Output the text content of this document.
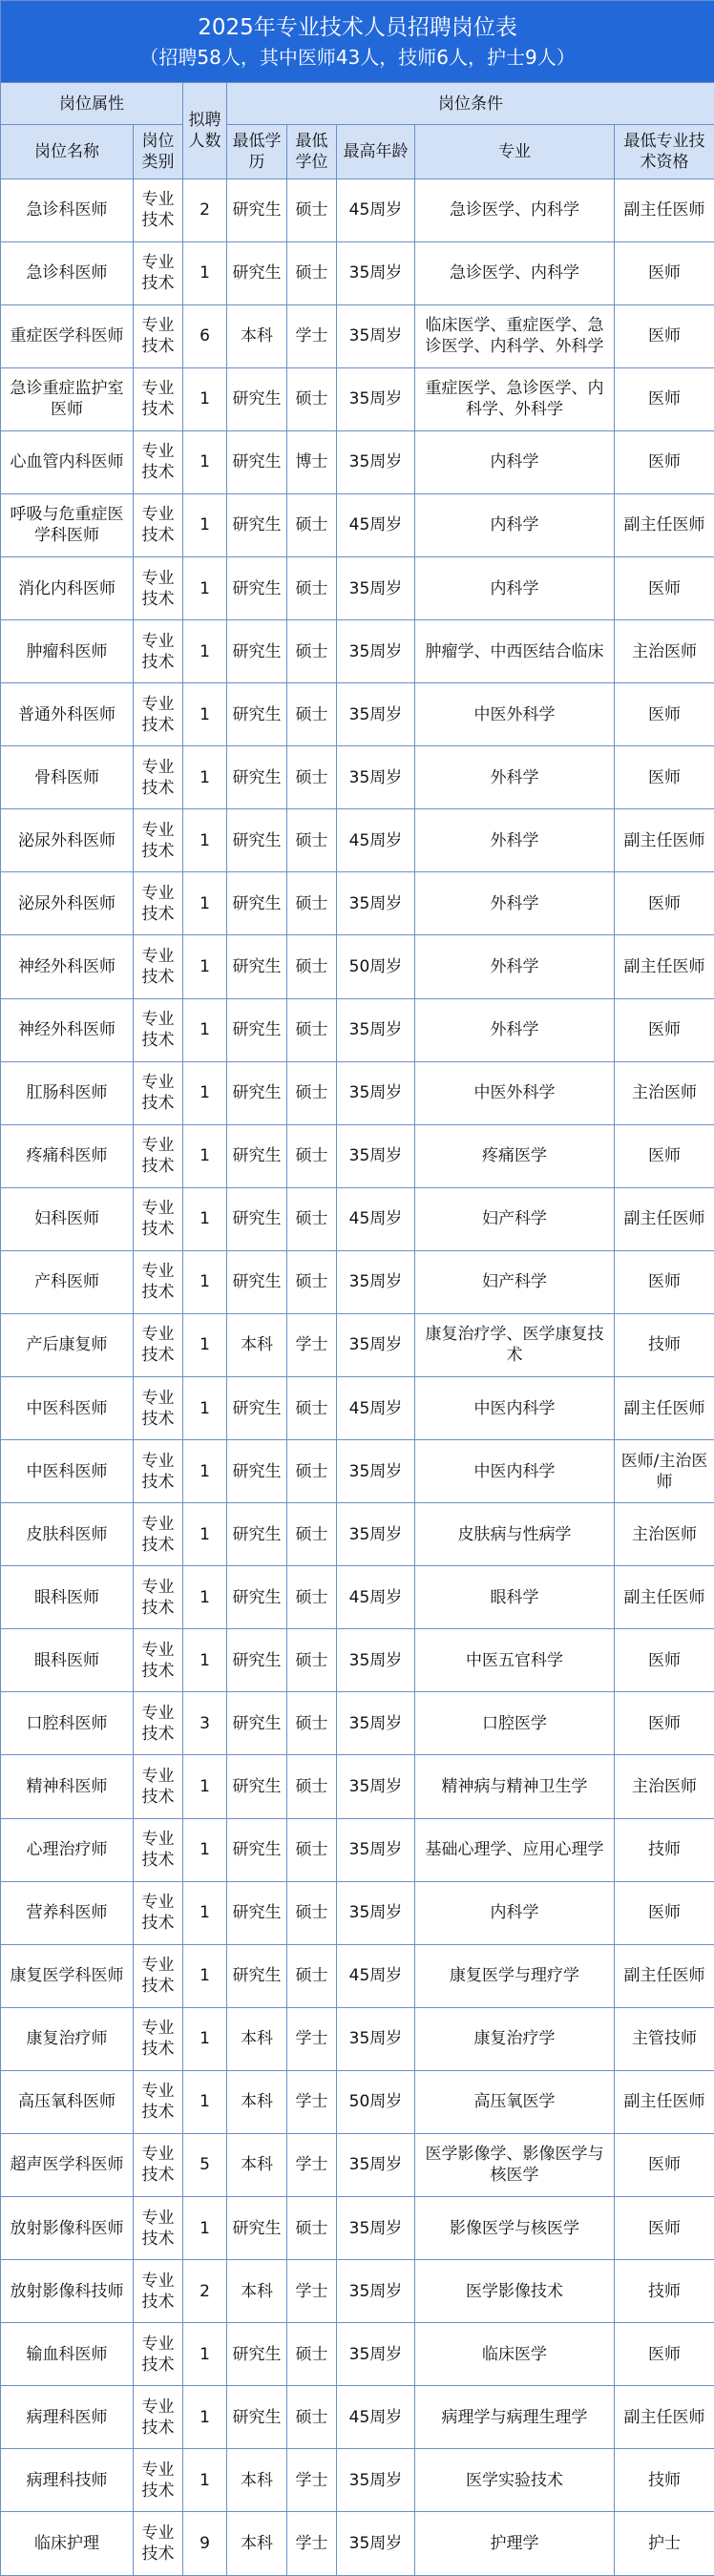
2025年专业技术人员招聘岗位表
（招聘58人，其中医师43人，技师6人，护士9人）							

岗位属性		拟聘人数	岗位条件				
岗位名称	岗位类别		最低学历	最低学位	最高年龄	专业	最低专业技术资格
急诊科医师	专业技术	2	研究生	硕士	45周岁	急诊医学、内科学	副主任医师
急诊科医师	专业技术	1	研究生	硕士	35周岁	急诊医学、内科学	医师
重症医学科医师	专业技术	6	本科	学士	35周岁	临床医学、重症医学、急诊医学、内科学、外科学	医师
急诊重症监护室医师	专业技术	1	研究生	硕士	35周岁	重症医学、急诊医学、内科学、外科学	医师
心血管内科医师	专业技术	1	研究生	博士	35周岁	内科学	医师
呼吸与危重症医学科医师	专业技术	1	研究生	硕士	45周岁	内科学	副主任医师
消化内科医师	专业技术	1	研究生	硕士	35周岁	内科学	医师
肿瘤科医师	专业技术	1	研究生	硕士	35周岁	肿瘤学、中西医结合临床	主治医师
普通外科医师	专业技术	1	研究生	硕士	35周岁	中医外科学	医师
骨科医师	专业技术	1	研究生	硕士	35周岁	外科学	医师
泌尿外科医师	专业技术	1	研究生	硕士	45周岁	外科学	副主任医师
泌尿外科医师	专业技术	1	研究生	硕士	35周岁	外科学	医师
神经外科医师	专业技术	1	研究生	硕士	50周岁	外科学	副主任医师
神经外科医师	专业技术	1	研究生	硕士	35周岁	外科学	医师
肛肠科医师	专业技术	1	研究生	硕士	35周岁	中医外科学	主治医师
疼痛科医师	专业技术	1	研究生	硕士	35周岁	疼痛医学	医师
妇科医师	专业技术	1	研究生	硕士	45周岁	妇产科学	副主任医师
产科医师	专业技术	1	研究生	硕士	35周岁	妇产科学	医师
产后康复师	专业技术	1	本科	学士	35周岁	康复治疗学、医学康复技术	技师
中医科医师	专业技术	1	研究生	硕士	45周岁	中医内科学	副主任医师
中医科医师	专业技术	1	研究生	硕士	35周岁	中医内科学	医师/主治医师
皮肤科医师	专业技术	1	研究生	硕士	35周岁	皮肤病与性病学	主治医师
眼科医师	专业技术	1	研究生	硕士	45周岁	眼科学	副主任医师
眼科医师	专业技术	1	研究生	硕士	35周岁	中医五官科学	医师
口腔科医师	专业技术	3	研究生	硕士	35周岁	口腔医学	医师
精神科医师	专业技术	1	研究生	硕士	35周岁	精神病与精神卫生学	主治医师
心理治疗师	专业技术	1	研究生	硕士	35周岁	基础心理学、应用心理学	技师
营养科医师	专业技术	1	研究生	硕士	35周岁	内科学	医师
康复医学科医师	专业技术	1	研究生	硕士	45周岁	康复医学与理疗学	副主任医师
康复治疗师	专业技术	1	本科	学士	35周岁	康复治疗学	主管技师
高压氧科医师	专业技术	1	本科	学士	50周岁	高压氧医学	副主任医师
超声医学科医师	专业技术	5	本科	学士	35周岁	医学影像学、影像医学与核医学	医师
放射影像科医师	专业技术	1	研究生	硕士	35周岁	影像医学与核医学	医师
放射影像科技师	专业技术	2	本科	学士	35周岁	医学影像技术	技师
输血科医师	专业技术	1	研究生	硕士	35周岁	临床医学	医师
病理科医师	专业技术	1	研究生	硕士	45周岁	病理学与病理生理学	副主任医师
病理科技师	专业技术	1	本科	学士	35周岁	医学实验技术	技师
临床护理	专业技术	9	本科	学士	35周岁	护理学	护士
